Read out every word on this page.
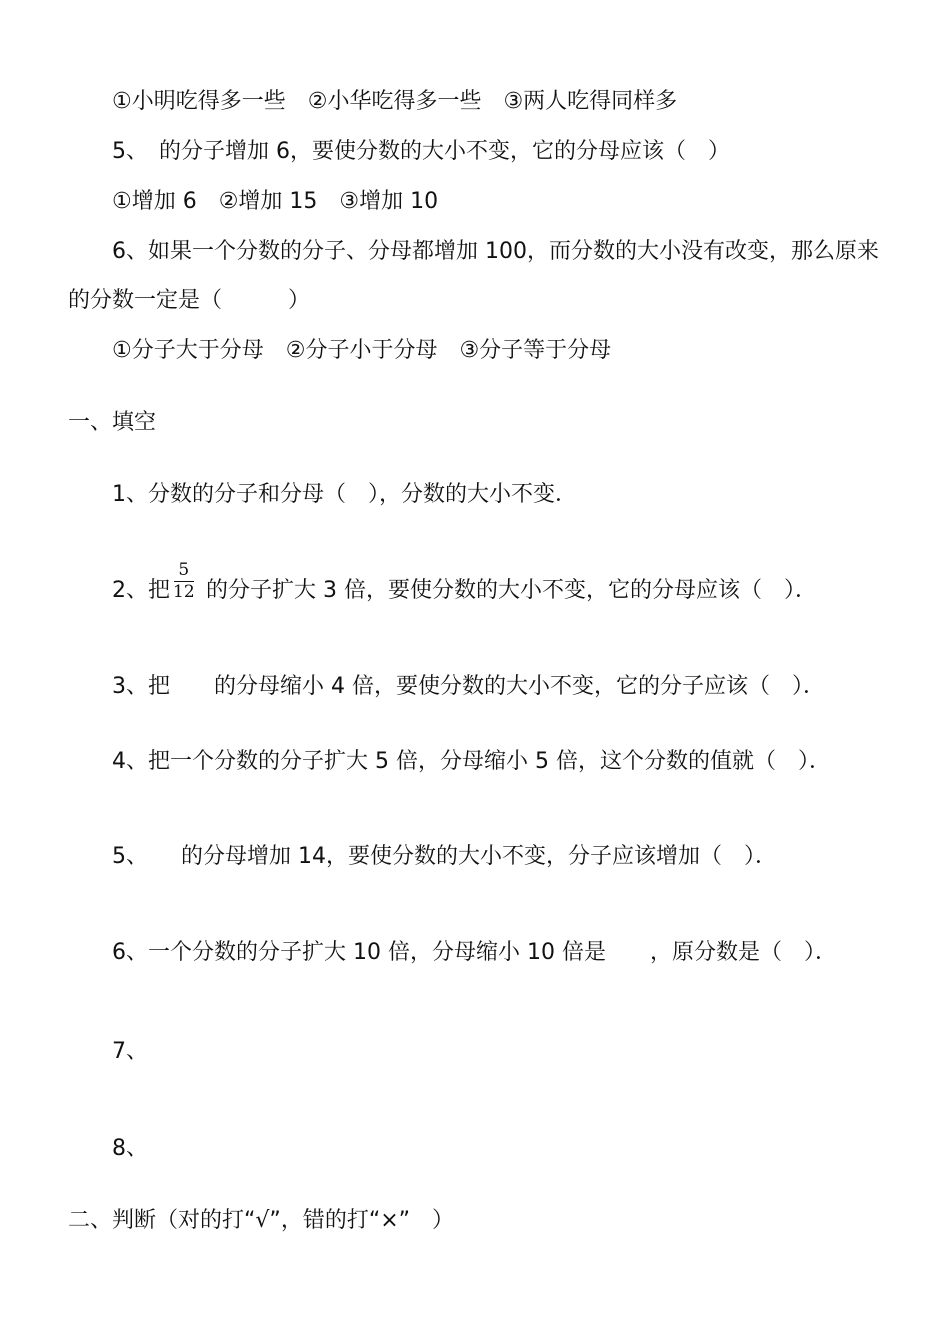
①小明吃得多一些　②小华吃得多一些　③两人吃得同样多
5、　的分子增加 6，要使分数的大小不变，它的分母应该（　）
①增加 6　②增加 15　③增加 10
6、如果一个分数的分子、分母都增加 100，而分数的大小没有改变，那么原来
的分数一定是（　　　）
①分子大于分母　②分子小于分母　③分子等于分母
一、填空
1、分数的分子和分母（　），分数的大小不变．
2、把
5
12 的分子扩大 3 倍，要使分数的大小不变，它的分母应该（　）．
3、把　　的分母缩小 4 倍，要使分数的大小不变，它的分子应该（　）．
4、把一个分数的分子扩大 5 倍，分母缩小 5 倍，这个分数的值就（　）．
5、　　的分母增加 14，要使分数的大小不变，分子应该增加（　）．
6、一个分数的分子扩大 10 倍，分母缩小 10 倍是　　，原分数是（　）．
7、
8、
二、判断（对的打“√”，错的打“×”　）
